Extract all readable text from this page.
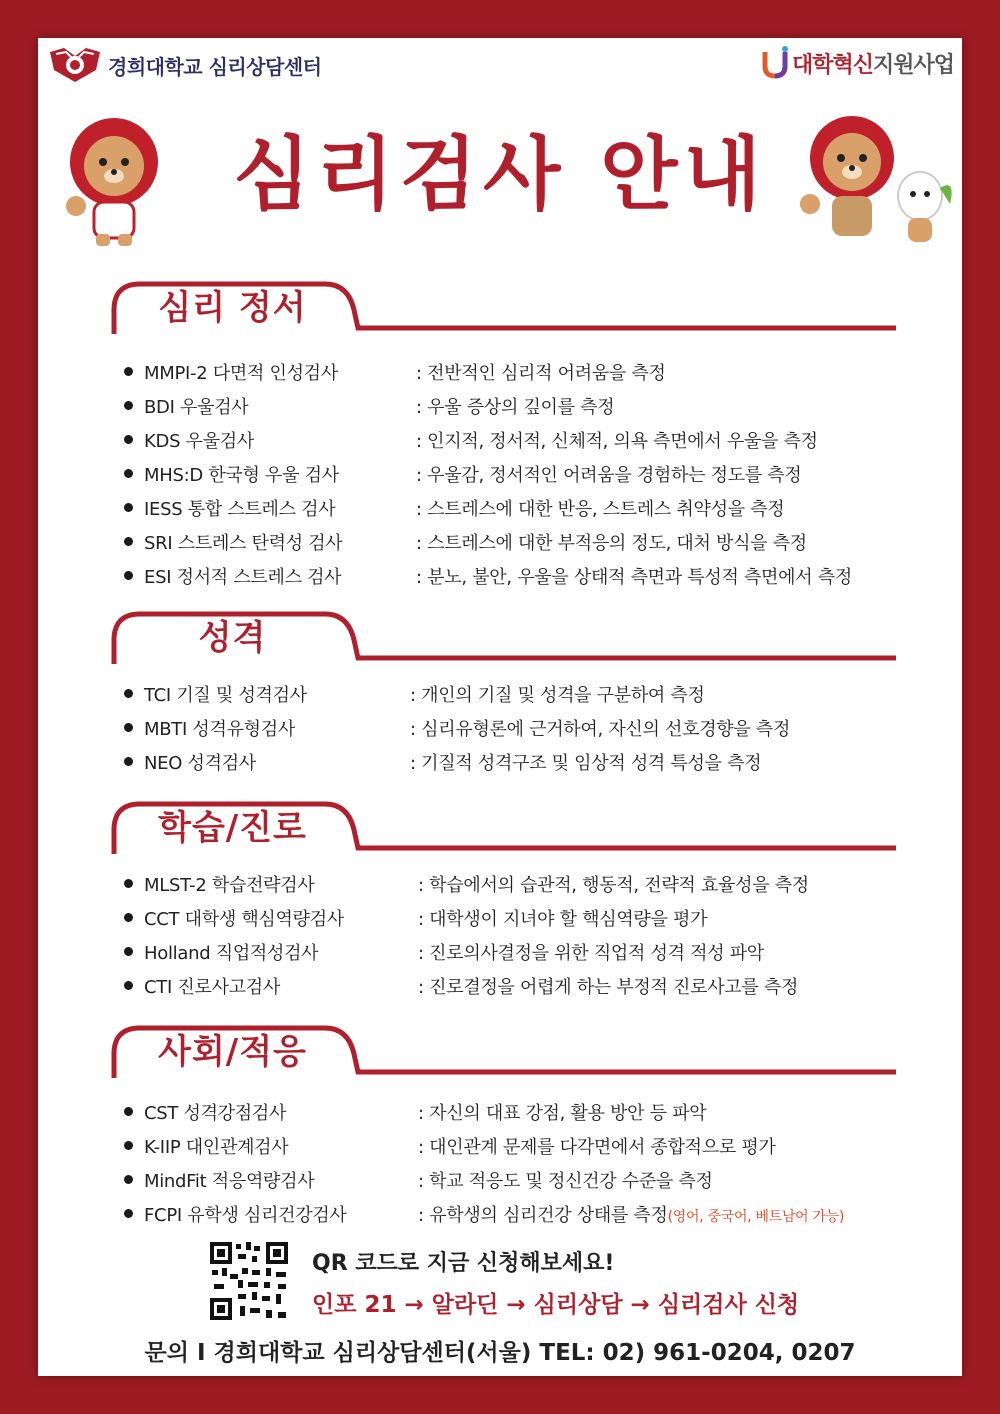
경희대학교 심리상담센터	대학혁신 지원사업
심리검사 안내
심리 정서
MMPI-2 다면적 인성검사	: 전반적인 심리적 어려움을 측정
BDI 우울검사	: 우울 증상의 깊이를 측정
KDS 우울검사	: 인지적, 정서적, 신체적, 의욕 측면에서 우울을 측정
MHS:D 한국형 우울 검사	: 우울감, 정서적인 어려움을 경험하는 정도를 측정
IESS 통합 스트레스 검사	: 스트레스에 대한 반응, 스트레스 취약성을 측정
SRI 스트레스 탄력성 검사	: 스트레스에 대한 부적응의 정도, 대처 방식을 측정
ESI 정서적 스트레스 검사	: 분노, 불안, 우울을 상태적 측면과 특성적 측면에서 측정
성격
TCI 기질 및 성격검사	: 개인의 기질 및 성격을 구분하여 측정
MBTI 성격유형검사	: 심리유형론에 근거하여, 자신의 선호경향을 측정
NEO 성격검사	: 기질적 성격구조 및 임상적 성격 특성을 측정
학습/진로
MLST-2 학습전략검사	: 학습에서의 습관적, 행동적, 전략적 효율성을 측정
CCT 대학생 핵심역량검사	: 대학생이 지녀야 할 핵심역량을 평가
Holland 직업적성검사	: 진로의사결정을 위한 직업적 성격 적성 파악
CTI 진로사고검사	: 진로결정을 어렵게 하는 부정적 진로사고를 측정
사회/적응
CST 성격강점검사	: 자신의 대표 강점, 활용 방안 등 파악
K-IIP 대인관계검사	: 대인관계 문제를 다각면에서 종합적으로 평가
MindFit 적응역량검사	: 학교 적응도 및 정신건강 수준을 측정
FCPI 유학생 심리건강검사	: 유학생의 심리건강 상태를 측정(영어, 중국어, 베트남어 가능)
QR 코드로 지금 신청해보세요!
인포 21 → 알라딘 → 심리상담 → 심리검사 신청
문의 I 경희대학교 심리상담센터(서울) TEL: 02) 961-0204, 0207
